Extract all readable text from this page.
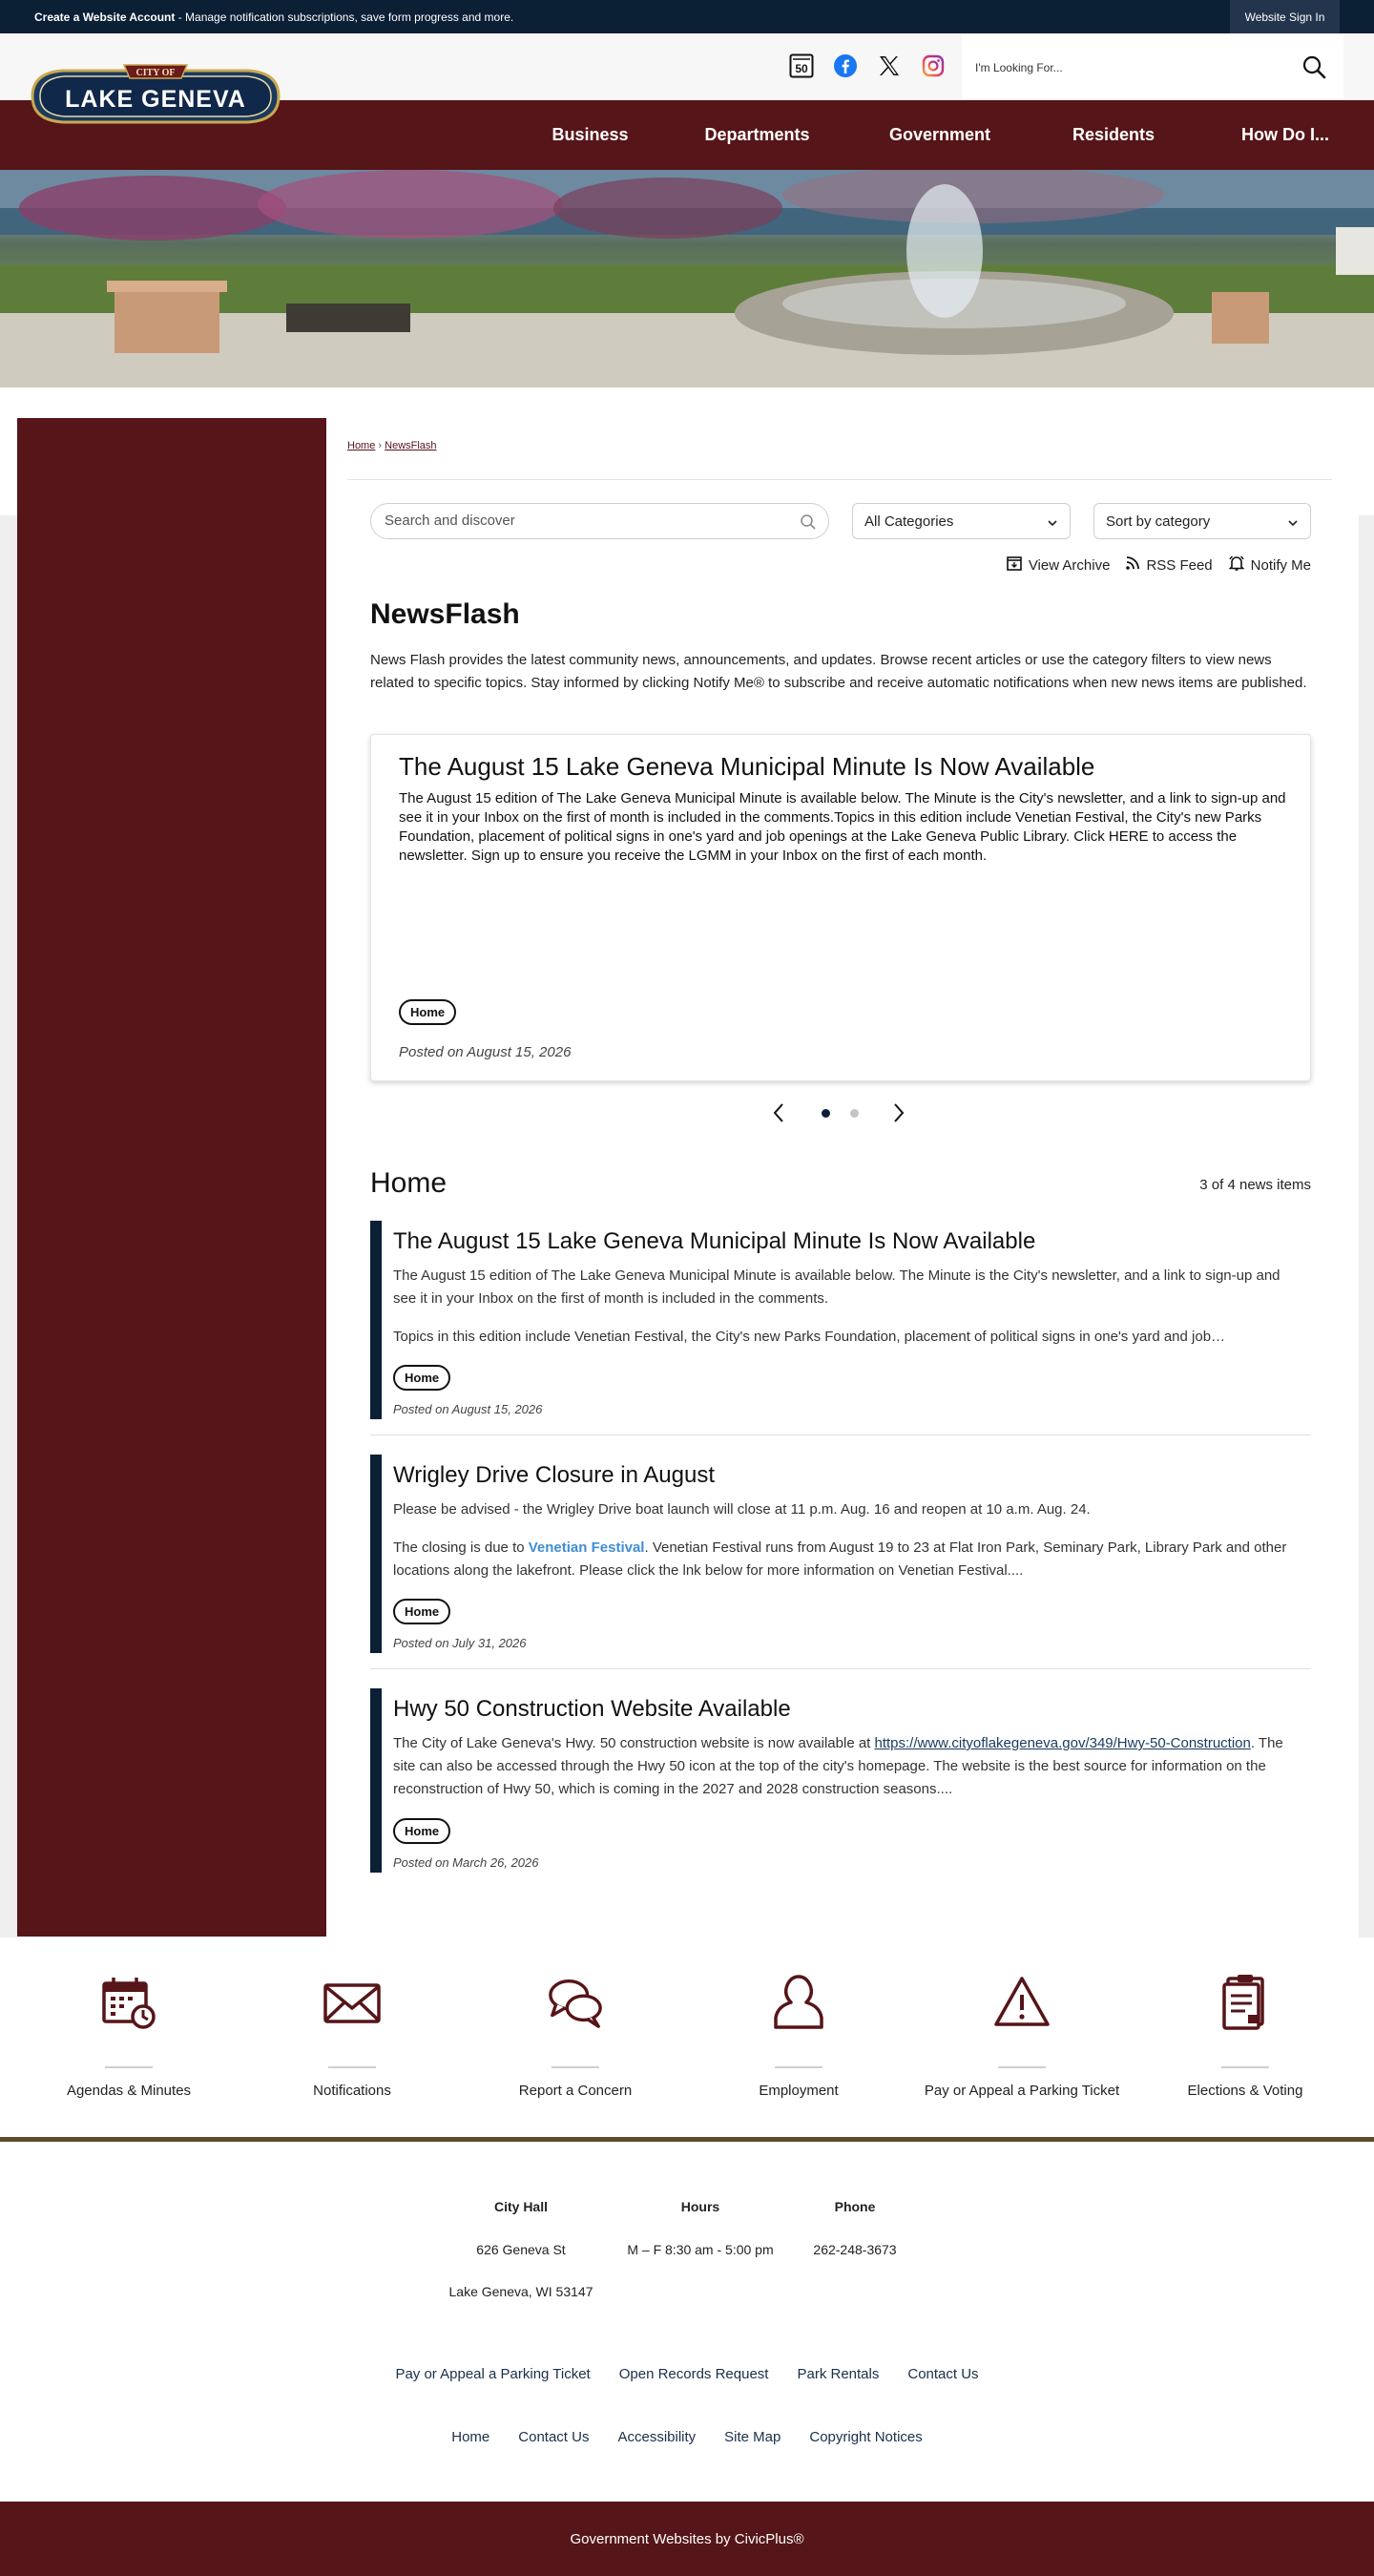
Create a Website Account - Manage notification subscriptions, save form progress and more.	Website Sign In
50	I'm Looking For...
Business	Departments	Government	Residents	How Do I...
CITY OF
LAKE GENEVA
Home › NewsFlash
Search and discover
All Categories	Sort by category
View Archive	RSS Feed	Notify Me
NewsFlash
News Flash provides the latest community news, announcements, and updates. Browse recent articles or use the category filters to view news related to specific topics. Stay informed by clicking Notify Me® to subscribe and receive automatic notifications when new news items are published.
The August 15 Lake Geneva Municipal Minute Is Now Available
The August 15 edition of The Lake Geneva Municipal Minute is available below. The Minute is the City's newsletter, and a link to sign-up and see it in your Inbox on the first of month is included in the comments.Topics in this edition include Venetian Festival, the City's new Parks Foundation, placement of political signs in one's yard and job openings at the Lake Geneva Public Library. Click HERE to access the newsletter. Sign up to ensure you receive the LGMM in your Inbox on the first of each month.
Home
Posted on August 15, 2026
Home	3 of 4 news items
The August 15 Lake Geneva Municipal Minute Is Now Available

The August 15 edition of The Lake Geneva Municipal Minute is available below. The Minute is the City's newsletter, and a link to sign-up and see it in your Inbox on the first of month is included in the comments.

Topics in this edition include Venetian Festival, the City's new Parks Foundation, placement of political signs in one's yard and job…

Home
Posted on August 15, 2026
Wrigley Drive Closure in August

Please be advised - the Wrigley Drive boat launch will close at 11 p.m. Aug. 16 and reopen at 10 a.m. Aug. 24.

The closing is due to Venetian Festival. Venetian Festival runs from August 19 to 23 at Flat Iron Park, Seminary Park, Library Park and other locations along the lakefront. Please click the lnk below for more information on Venetian Festival....

Home
Posted on July 31, 2026
Hwy 50 Construction Website Available

The City of Lake Geneva's Hwy. 50 construction website is now available at https://www.cityoflakegeneva.gov/349/Hwy-50-Construction. The site can also be accessed through the Hwy 50 icon at the top of the city's homepage. The website is the best source for information on the reconstruction of Hwy 50, which is coming in the 2027 and 2028 construction seasons....

Home
Posted on March 26, 2026
Agendas & Minutes	Notifications	Report a Concern	Employment	Pay or Appeal a Parking Ticket	Elections & Voting
City Hall
626 Geneva St
Lake Geneva, WI 53147
Hours
M – F 8:30 am - 5:00 pm
Phone
262-248-3673
Pay or Appeal a Parking Ticket Open Records Request Park Rentals Contact Us
Home Contact Us Accessibility Site Map Copyright Notices
Government Websites by CivicPlus®
